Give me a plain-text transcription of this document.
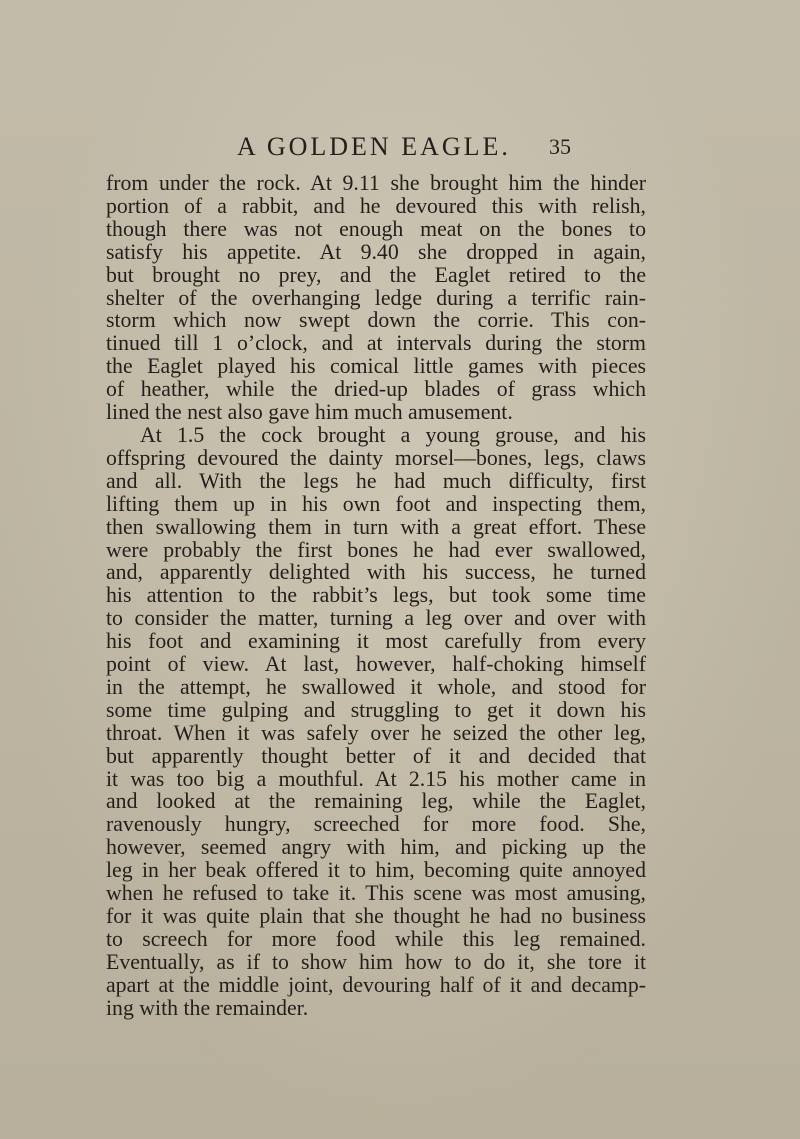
A GOLDEN EAGLE. 35
from under the rock. At 9.11 she brought him the hinder
portion of a rabbit, and he devoured this with relish,
though there was not enough meat on the bones to
satisfy his appetite. At 9.40 she dropped in again,
but brought no prey, and the Eaglet retired to the
shelter of the overhanging ledge during a terrific rain-
storm which now swept down the corrie. This con-
tinued till 1 o’clock, and at intervals during the storm
the Eaglet played his comical little games with pieces
of heather, while the dried-up blades of grass which
lined the nest also gave him much amusement.
At 1.5 the cock brought a young grouse, and his
offspring devoured the dainty morsel—bones, legs, claws
and all. With the legs he had much difficulty, first
lifting them up in his own foot and inspecting them,
then swallowing them in turn with a great effort. These
were probably the first bones he had ever swallowed,
and, apparently delighted with his success, he turned
his attention to the rabbit’s legs, but took some time
to consider the matter, turning a leg over and over with
his foot and examining it most carefully from every
point of view. At last, however, half-choking himself
in the attempt, he swallowed it whole, and stood for
some time gulping and struggling to get it down his
throat. When it was safely over he seized the other leg,
but apparently thought better of it and decided that
it was too big a mouthful. At 2.15 his mother came in
and looked at the remaining leg, while the Eaglet,
ravenously hungry, screeched for more food. She,
however, seemed angry with him, and picking up the
leg in her beak offered it to him, becoming quite annoyed
when he refused to take it. This scene was most amusing,
for it was quite plain that she thought he had no business
to screech for more food while this leg remained.
Eventually, as if to show him how to do it, she tore it
apart at the middle joint, devouring half of it and decamp-
ing with the remainder.
